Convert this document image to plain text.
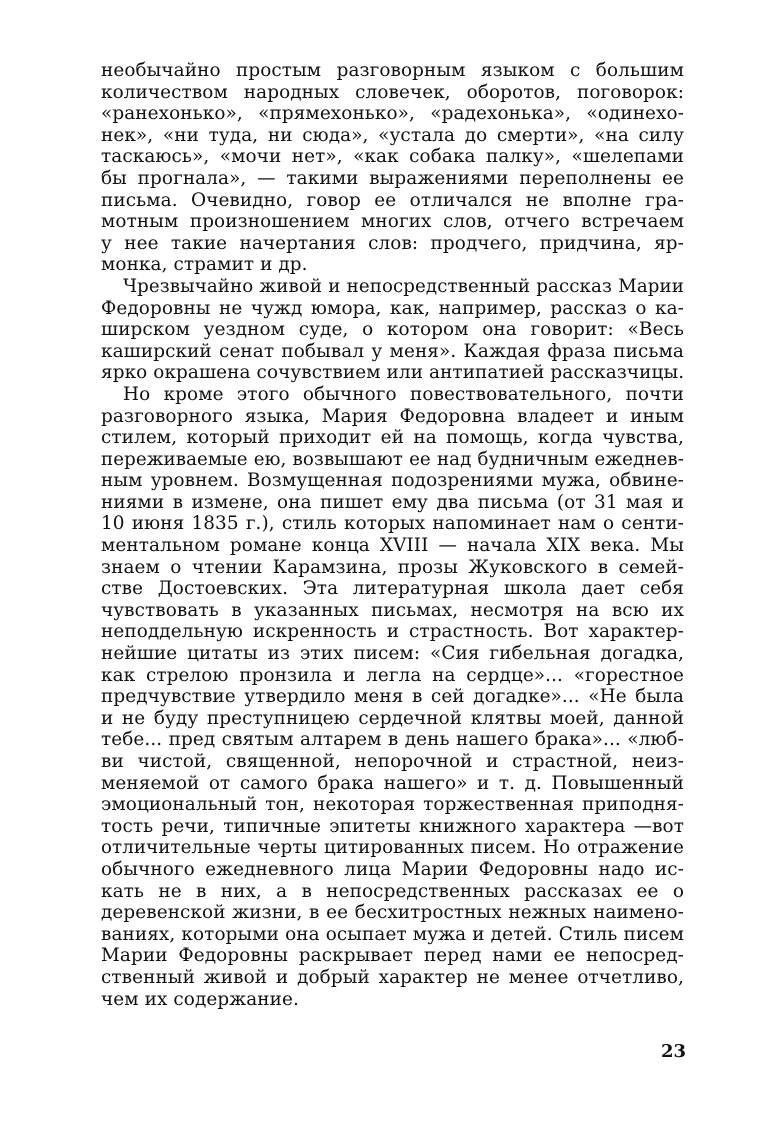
необычайно простым разговорным языком с большим
количеством народных словечек, оборотов, поговорок:
«ранехонько», «прямехонько», «радехонька», «одинехо-
нек», «ни туда, ни сюда», «устала до смерти», «на силу
таскаюсь», «мочи нет», «как собака палку», «шелепами
бы прогнала», — такими выражениями переполнены ее
письма. Очевидно, говор ее отличался не вполне гра-
мотным произношением многих слов, отчего встречаем
у нее такие начертания слов: продчего, придчина, яр-
монка, страмит и др.
Чрезвычайно живой и непосредственный рассказ Марии
Федоровны не чужд юмора, как, например, рассказ о ка-
ширском уездном суде, о котором она говорит: «Весь
каширский сенат побывал у меня». Каждая фраза письма
ярко окрашена сочувствием или антипатией рассказчицы.
Но кроме этого обычного повествовательного, почти
разговорного языка, Мария Федоровна владеет и иным
стилем, который приходит ей на помощь, когда чувства,
переживаемые ею, возвышают ее над будничным ежеднев-
ным уровнем. Возмущенная подозрениями мужа, обвине-
ниями в измене, она пишет ему два письма (от 31 мая и
10 июня 1835 г.), стиль которых напоминает нам о сенти-
ментальном романе конца XVIII — начала XIX века. Мы
знаем о чтении Карамзина, прозы Жуковского в семей-
стве Достоевских. Эта литературная школа дает себя
чувствовать в указанных письмах, несмотря на всю их
неподдельную искренность и страстность. Вот характер-
нейшие цитаты из этих писем: «Сия гибельная догадка,
как стрелою пронзила и легла на сердце»... «горестное
предчувствие утвердило меня в сей догадке»... «Не была
и не буду преступницею сердечной клятвы моей, данной
тебе... пред святым алтарем в день нашего брака»... «люб-
ви чистой, священной, непорочной и страстной, неиз-
меняемой от самого брака нашего» и т. д. Повышенный
эмоциональный тон, некоторая торжественная приподня-
тость речи, типичные эпитеты книжного характера —вот
отличительные черты цитированных писем. Но отражение
обычного ежедневного лица Марии Федоровны надо ис-
кать не в них, а в непосредственных рассказах ее о
деревенской жизни, в ее бесхитростных нежных наимено-
ваниях, которыми она осыпает мужа и детей. Стиль писем
Марии Федоровны раскрывает перед нами ее непосред-
ственный живой и добрый характер не менее отчетливо,
чем их содержание.
23
